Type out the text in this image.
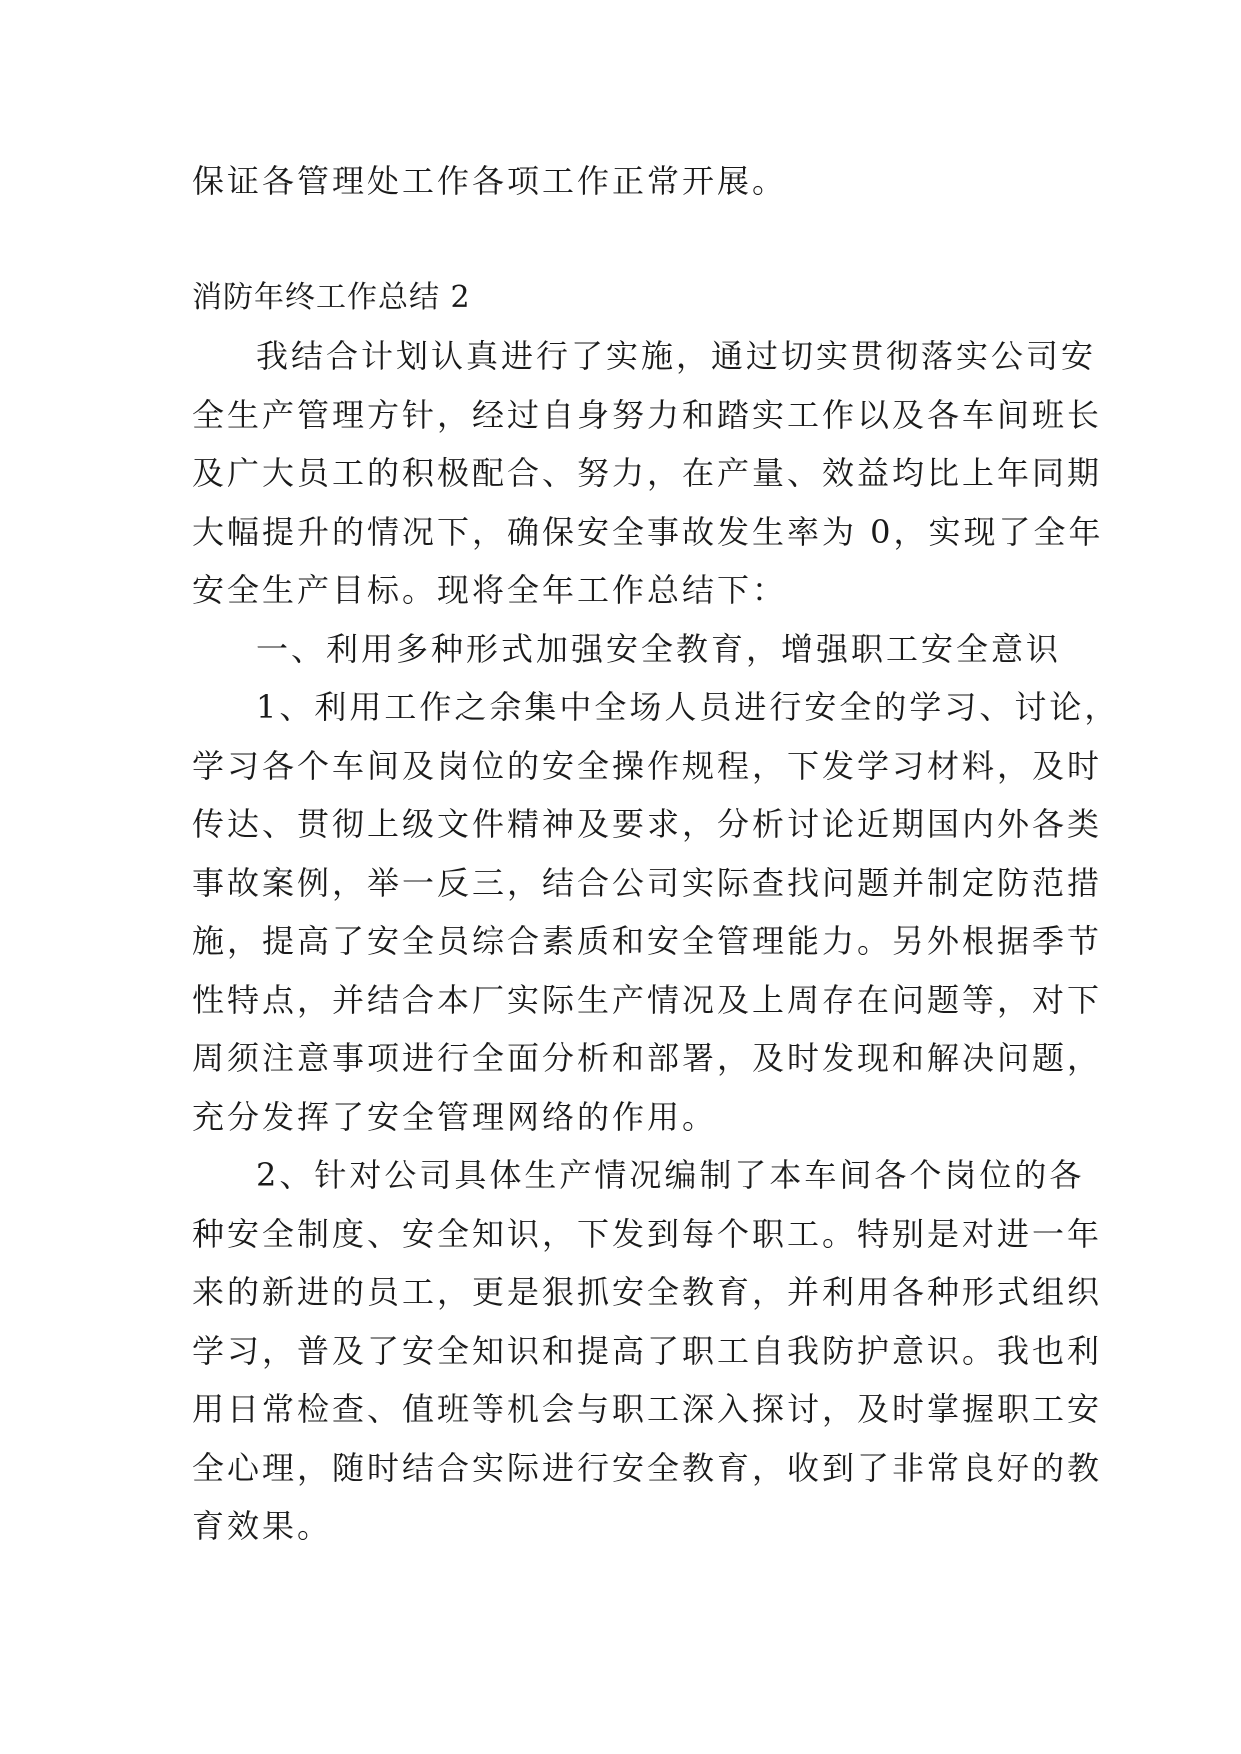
保证各管理处工作各项工作正常开展。
消防年终工作总结 2
我结合计划认真进行了实施，通过切实贯彻落实公司安
全生产管理方针，经过自身努力和踏实工作以及各车间班长
及广大员工的积极配合、努力，在产量、效益均比上年同期
大幅提升的情况下，确保安全事故发生率为 0，实现了全年
安全生产目标。现将全年工作总结下：
一、利用多种形式加强安全教育，增强职工安全意识
1、利用工作之余集中全场人员进行安全的学习、讨论，
学习各个车间及岗位的安全操作规程，下发学习材料，及时
传达、贯彻上级文件精神及要求，分析讨论近期国内外各类
事故案例，举一反三，结合公司实际查找问题并制定防范措
施，提高了安全员综合素质和安全管理能力。另外根据季节
性特点，并结合本厂实际生产情况及上周存在问题等，对下
周须注意事项进行全面分析和部署，及时发现和解决问题，
充分发挥了安全管理网络的作用。
2、针对公司具体生产情况编制了本车间各个岗位的各
种安全制度、安全知识，下发到每个职工。特别是对进一年
来的新进的员工，更是狠抓安全教育，并利用各种形式组织
学习，普及了安全知识和提高了职工自我防护意识。我也利
用日常检查、值班等机会与职工深入探讨，及时掌握职工安
全心理，随时结合实际进行安全教育，收到了非常良好的教
育效果。
